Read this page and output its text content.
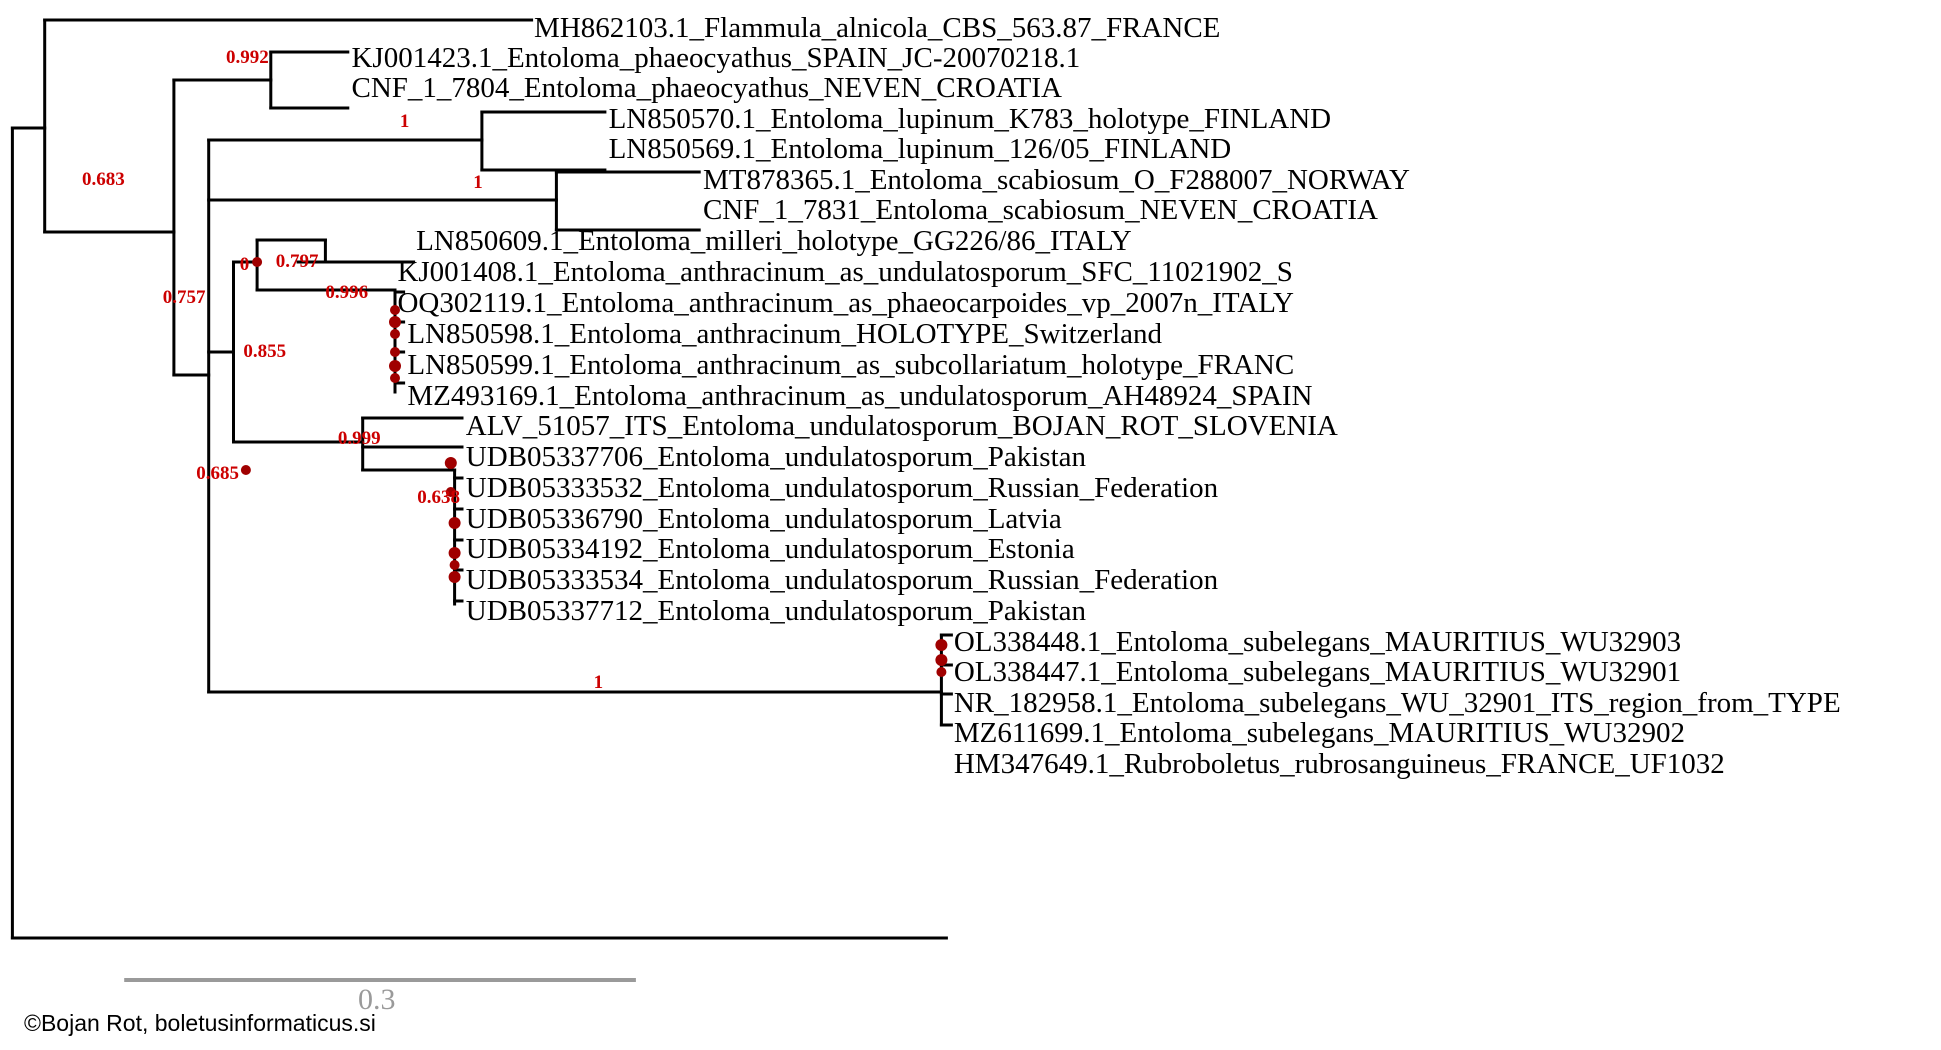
MH862103.1_Flammula_alnicola_CBS_563.87_FRANCE
KJ001423.1_Entoloma_phaeocyathus_SPAIN_JC-20070218.1
CNF_1_7804_Entoloma_phaeocyathus_NEVEN_CROATIA
LN850570.1_Entoloma_lupinum_K783_holotype_FINLAND
LN850569.1_Entoloma_lupinum_126/05_FINLAND
MT878365.1_Entoloma_scabiosum_O_F288007_NORWAY
CNF_1_7831_Entoloma_scabiosum_NEVEN_CROATIA
LN850609.1_Entoloma_milleri_holotype_GG226/86_ITALY
KJ001408.1_Entoloma_anthracinum_as_undulatosporum_SFC_11021902_S
OQ302119.1_Entoloma_anthracinum_as_phaeocarpoides_vp_2007n_ITALY
LN850598.1_Entoloma_anthracinum_HOLOTYPE_Switzerland
LN850599.1_Entoloma_anthracinum_as_subcollariatum_holotype_FRANC
MZ493169.1_Entoloma_anthracinum_as_undulatosporum_AH48924_SPAIN
ALV_51057_ITS_Entoloma_undulatosporum_BOJAN_ROT_SLOVENIA
UDB05337706_Entoloma_undulatosporum_Pakistan
UDB05333532_Entoloma_undulatosporum_Russian_Federation
UDB05336790_Entoloma_undulatosporum_Latvia
UDB05334192_Entoloma_undulatosporum_Estonia
UDB05333534_Entoloma_undulatosporum_Russian_Federation
UDB05337712_Entoloma_undulatosporum_Pakistan
OL338448.1_Entoloma_subelegans_MAURITIUS_WU32903
OL338447.1_Entoloma_subelegans_MAURITIUS_WU32901
NR_182958.1_Entoloma_subelegans_WU_32901_ITS_region_from_TYPE
MZ611699.1_Entoloma_subelegans_MAURITIUS_WU32902
HM347649.1_Rubroboletus_rubrosanguineus_FRANCE_UF1032
0.992
1
1
0.683
0.797
0
0.996
0.757
0.855
0.999
0.685
0.638
1
0.3
©Bojan Rot, boletusinformaticus.si
